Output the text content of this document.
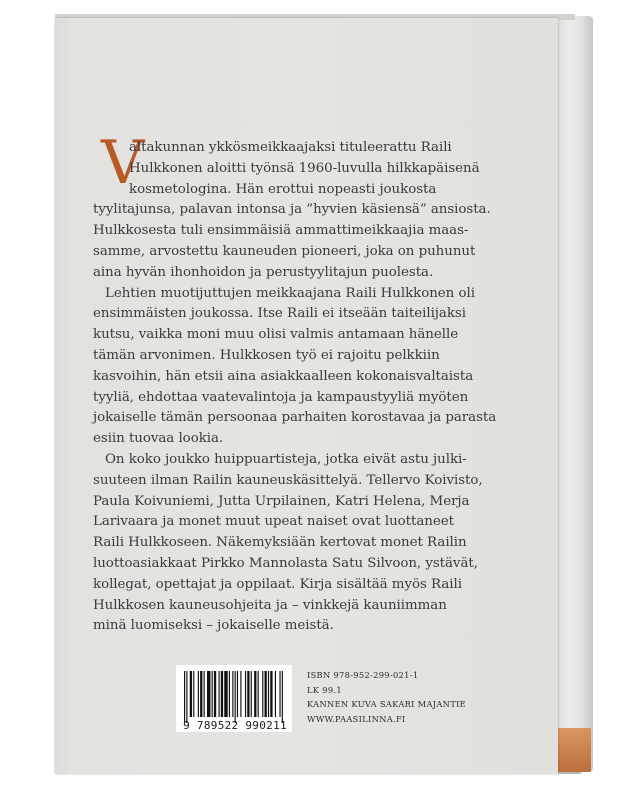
V
altakunnan ykkösmeikkaajaksi tituleerattu Raili
Hulkkonen aloitti työnsä 1960-luvulla hilkkapäisenä
kosmetologina. Hän erottui nopeasti joukosta
tyylitajunsa, palavan intonsa ja ”hyvien käsiensä” ansiosta.
Hulkkosesta tuli ensimmäisiä ammattimeikkaajia maas-
samme, arvostettu kauneuden pioneeri, joka on puhunut
aina hyvän ihonhoidon ja perustyylitajun puolesta.
Lehtien muotijuttujen meikkaajana Raili Hulkkonen oli
ensimmäisten joukossa. Itse Raili ei itseään taiteilijaksi
kutsu, vaikka moni muu olisi valmis antamaan hänelle
tämän arvonimen. Hulkkosen työ ei rajoitu pelkkiin
kasvoihin, hän etsii aina asiakkaalleen kokonaisvaltaista
tyyliä, ehdottaa vaatevalintoja ja kampaustyyliä myöten
jokaiselle tämän persoonaa parhaiten korostavaa ja parasta
esiin tuovaa lookia.
On koko joukko huippuartisteja, jotka eivät astu julki-
suuteen ilman Railin kauneuskäsittelyä. Tellervo Koivisto,
Paula Koivuniemi, Jutta Urpilainen, Katri Helena, Merja
Larivaara ja monet muut upeat naiset ovat luottaneet
Raili Hulkkoseen. Näkemyksiään kertovat monet Railin
luottoasiakkaat Pirkko Mannolasta Satu Silvoon, ystävät,
kollegat, opettajat ja oppilaat. Kirja sisältää myös Raili
Hulkkosen kauneusohjeita ja – vinkkejä kauniimman
minä luomiseksi – jokaiselle meistä.
9 789522 990211
ISBN 978-952-299-021-1
LK 99.1
KANNEN KUVA SAKARI MAJANTIE
WWW.PAASILINNA.FI
